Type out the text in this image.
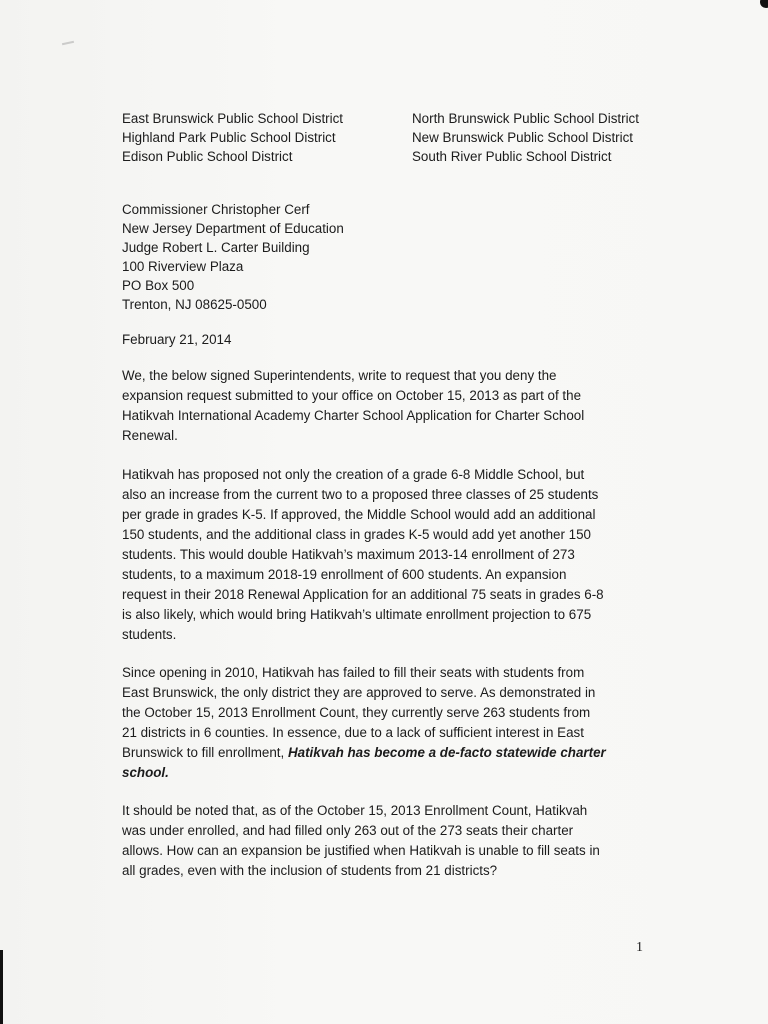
East Brunswick Public School District
Highland Park Public School District
Edison Public School District
North Brunswick Public School District
New Brunswick Public School District
South River Public School District
Commissioner Christopher Cerf
New Jersey Department of Education
Judge Robert L. Carter Building
100 Riverview Plaza
PO Box 500
Trenton, NJ 08625-0500
February 21, 2014
We, the below signed Superintendents, write to request that you deny the
expansion request submitted to your office on October 15, 2013 as part of the
Hatikvah International Academy Charter School Application for Charter School
Renewal.
Hatikvah has proposed not only the creation of a grade 6-8 Middle School, but
also an increase from the current two to a proposed three classes of 25 students
per grade in grades K-5. If approved, the Middle School would add an additional
150 students, and the additional class in grades K-5 would add yet another 150
students. This would double Hatikvah’s maximum 2013-14 enrollment of 273
students, to a maximum 2018-19 enrollment of 600 students. An expansion
request in their 2018 Renewal Application for an additional 75 seats in grades 6-8
is also likely, which would bring Hatikvah’s ultimate enrollment projection to 675
students.
Since opening in 2010, Hatikvah has failed to fill their seats with students from
East Brunswick, the only district they are approved to serve. As demonstrated in
the October 15, 2013 Enrollment Count, they currently serve 263 students from
21 districts in 6 counties. In essence, due to a lack of sufficient interest in East
Brunswick to fill enrollment, Hatikvah has become a de-facto statewide charter
school.
It should be noted that, as of the October 15, 2013 Enrollment Count, Hatikvah
was under enrolled, and had filled only 263 out of the 273 seats their charter
allows. How can an expansion be justified when Hatikvah is unable to fill seats in
all grades, even with the inclusion of students from 21 districts?
1
